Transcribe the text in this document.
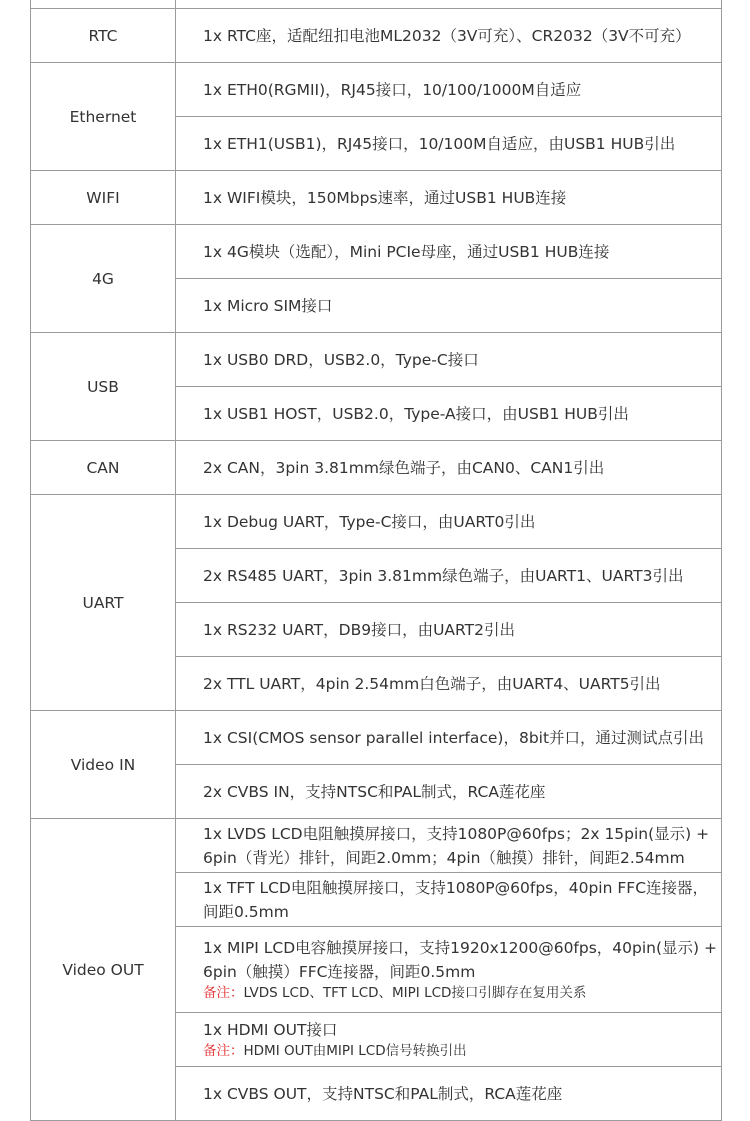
RTC	1x RTC座，适配纽扣电池ML2032（3V可充）、CR2032（3V不可充）
Ethernet	1x ETH0(RGMII)，RJ45接口，10/100/1000M自适应
	1x ETH1(USB1)，RJ45接口，10/100M自适应，由USB1 HUB引出
WIFI	1x WIFI模块，150Mbps速率，通过USB1 HUB连接
4G	1x 4G模块（选配），Mini PCIe母座，通过USB1 HUB连接
	1x Micro SIM接口
USB	1x USB0 DRD，USB2.0，Type-C接口
	1x USB1 HOST，USB2.0，Type-A接口，由USB1 HUB引出
CAN	2x CAN，3pin 3.81mm绿色端子，由CAN0、CAN1引出
UART	1x Debug UART，Type-C接口，由UART0引出
	2x RS485 UART，3pin 3.81mm绿色端子，由UART1、UART3引出
	1x RS232 UART，DB9接口，由UART2引出
	2x TTL UART，4pin 2.54mm白色端子，由UART4、UART5引出
Video IN	1x CSI(CMOS sensor parallel interface)，8bit并口，通过测试点引出
	2x CVBS IN，支持NTSC和PAL制式，RCA莲花座
Video OUT	1x LVDS LCD电阻触摸屏接口，支持1080P@60fps；2x 15pin(显示) + 6pin（背光）排针，间距2.0mm；4pin（触摸）排针，间距2.54mm
	1x TFT LCD电阻触摸屏接口，支持1080P@60fps，40pin FFC连接器，间距0.5mm
	1x MIPI LCD电容触摸屏接口，支持1920x1200@60fps，40pin(显示) + 6pin（触摸）FFC连接器，间距0.5mm
备注：LVDS LCD、TFT LCD、MIPI LCD接口引脚存在复用关系

	1x HDMI OUT接口
备注：HDMI OUT由MIPI LCD信号转换引出

	1x CVBS OUT，支持NTSC和PAL制式，RCA莲花座
